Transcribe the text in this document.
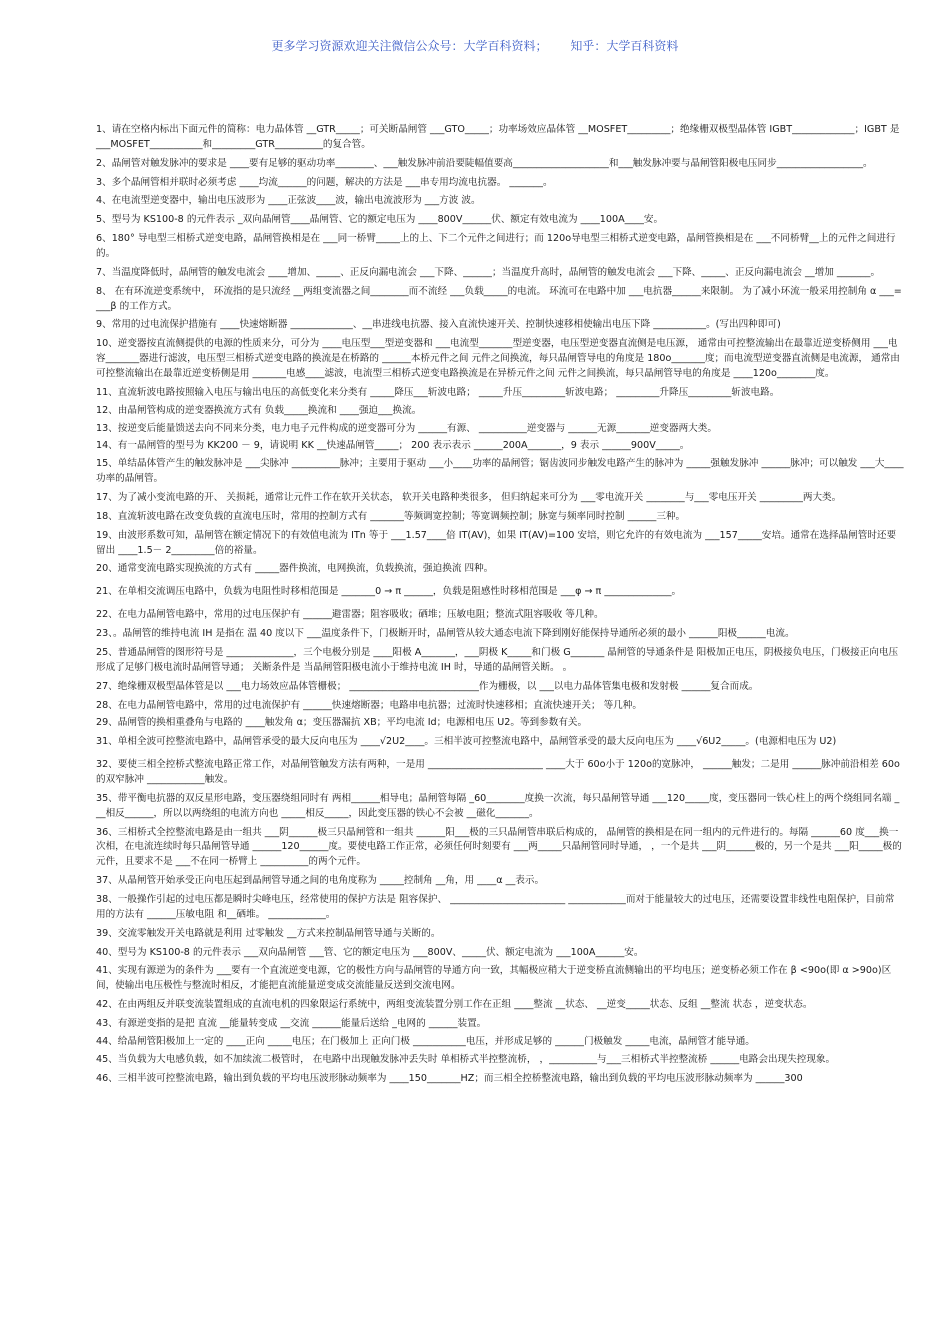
更多学习资源欢迎关注微信公众号：大学百科资料；      知乎：大学百科资料
1、请在空格内标出下面元件的简称：电力晶体管 __GTR_____；可关断晶闸管 ___GTO_____；功率场效应晶体管 __MOSFET_________；绝缘栅双极型晶体管 IGBT_____________；IGBT 是___MOSFET___________和_________GTR__________的复合管。
2、晶闸管对触发脉冲的要求是 ____要有足够的驱动功率________、___触发脉冲前沿要陡幅值要高____________________和___触发脉冲要与晶闸管阳极电压同步__________________。
3、多个晶闸管相并联时必须考虑 ____均流______的问题，解决的方法是 ___串专用均流电抗器。 _______。
4、在电流型逆变器中，输出电压波形为 ____正弦波____波，输出电流波形为 ___方波 波。
5、型号为 KS100-8 的元件表示 _双向晶闸管____晶闸管、它的额定电压为 ____800V______伏、额定有效电流为 ____100A____安。
6、180° 导电型三相桥式逆变电路，晶闸管换相是在 ___同一桥臂_____上的上、下二个元件之间进行；而 120o导电型三相桥式逆变电路，晶闸管换相是在 ___不同桥臂__上的元件之间进行的。
7、当温度降低时，晶闸管的触发电流会 ____增加、_____、正反向漏电流会 ___下降、______；当温度升高时，晶闸管的触发电流会 ___下降、_____、正反向漏电流会 __增加 _______。
8、 在有环流逆变系统中， 环流指的是只流经 __两组变流器之间________而不流经 ___负载_____的电流。 环流可在电路中加 ___电抗器______来限制。 为了减小环流一般采用控制角 α ___=___β 的工作方式。
9、常用的过电流保护措施有 ____快速熔断器 _____________、__串进线电抗器、接入直流快速开关、控制快速移相使输出电压下降 ___________。(写出四种即可)
10、逆变器按直流侧提供的电源的性质来分，可分为 ____电压型___型逆变器和 ___电流型_______型逆变器，电压型逆变器直流侧是电压源， 通常由可控整流输出在最靠近逆变桥侧用 ___电容_______器进行滤波，电压型三相桥式逆变电路的换流是在桥路的 ______本桥元件之间 元件之间换流，每只晶闸管导电的角度是 180o_______度；而电流型逆变器直流侧是电流源， 通常由可控整流输出在最靠近逆变桥侧是用 _______电感____滤波，电流型三相桥式逆变电路换流是在异桥元件之间 元件之间换流，每只晶闸管导电的角度是 ____120o________度。
11、直流斩波电路按照输入电压与输出电压的高低变化来分类有 _____降压___斩波电路； _____升压_________斩波电路； _________升降压_________斩波电路。
12、由晶闸管构成的逆变器换流方式有 负载_____换流和 ____强迫___换流。
13、按逆变后能量馈送去向不同来分类，电力电子元件构成的逆变器可分为 ______有源、 __________逆变器与 ______无源_______逆变器两大类。
14、有一晶闸管的型号为 KK200 － 9，请说明 KK __快速晶闸管_____； 200 表示表示 ______200A_______，9 表示 ______900V_____。
15、单结晶体管产生的触发脉冲是 ___尖脉冲 __________脉冲；主要用于驱动 ___小____功率的晶闸管；锯齿波同步触发电路产生的脉冲为 _____强触发脉冲 ______脉冲；可以触发 ___大____功率的晶闸管。
17、为了减小变流电路的开、 关损耗，通常让元件工作在软开关状态， 软开关电路种类很多， 但归纳起来可分为 ___零电流开关 ________与___零电压开关 _________两大类。
18、直流斩波电路在改变负载的直流电压时，常用的控制方式有 _______等频调宽控制；等宽调频控制；脉宽与频率同时控制 ______三种。
19、由波形系数可知，晶闸管在额定情况下的有效值电流为 ITn 等于 ___1.57____倍 IT(AV)，如果 IT(AV)=100 安培，则它允许的有效电流为 ___157_____安培。通常在选择晶闸管时还要留出 ____1.5－ 2_________倍的裕量。
20、通常变流电路实现换流的方式有 _____器件换流，电网换流，负载换流，强迫换流 四种。
21、在单相交流调压电路中，负载为电阻性时移相范围是 _______0 → π ______，负载是阻感性时移相范围是 ___φ → π ______________。
22、在电力晶闸管电路中，常用的过电压保护有 ______避雷器；阻容吸收；硒堆；压敏电阻；整流式阻容吸收 等几种。
23、。晶闸管的维持电流 IH 是指在 温 40 度以下 ___温度条件下，门极断开时，晶闸管从较大通态电流下降到刚好能保持导通所必须的最小 ______阳极______电流。
25、普通晶闸管的图形符号是 ______________，三个电极分别是 ____阳极 A_______，___阴极 K_____和门极 G_______ 晶闸管的导通条件是 阳极加正电压，阴极接负电压，门极接正向电压形成了足够门极电流时晶闸管导通； 关断条件是 当晶闸管阳极电流小于维持电流 IH 时，导通的晶闸管关断。 。
27、绝缘栅双极型晶体管是以 ___电力场效应晶体管栅极； ___________________________作为栅极，以 ___以电力晶体管集电极和发射极 ______复合而成。
28、在电力晶闸管电路中，常用的过电流保护有 ______快速熔断器；电路串电抗器；过流时快速移相；直流快速开关； 等几种。
29、晶闸管的换相重叠角与电路的 ____触发角 α；变压器漏抗 XB；平均电流 Id；电源相电压 U2。等到参数有关。
31、单相全波可控整流电路中，晶闸管承受的最大反向电压为 ____√2U2____。三相半波可控整流电路中，晶闸管承受的最大反向电压为 ____√6U2_____。(电源相电压为 U2)
32、要使三相全控桥式整流电路正常工作，对晶闸管触发方法有两种，一是用 ________________________ ____大于 60o小于 120o的宽脉冲， ______触发；二是用 ______脉冲前沿相差 60o的双窄脉冲 ____________触发。
35、带平衡电抗器的双反星形电路，变压器绕组同时有 两相______相导电；晶闸管每隔 _60________度换一次流，每只晶闸管导通 ___120_____度，变压器同一铁心柱上的两个绕组同名端 ___相反______，所以以两绕组的电流方向也 _____相反_____，因此变压器的铁心不会被 __磁化_______。
36、三相桥式全控整流电路是由一组共 ___阴______极三只晶闸管和一组共 ______阳___极的三只晶闸管串联后构成的， 晶闸管的换相是在同一组内的元件进行的。每隔 ______60 度___换一次相，在电流连续时每只晶闸管导通 ______120______度。要使电路工作正常，必须任何时刻要有 ___两_____只晶闸管同时导通， ，一个是共 ___阴______极的，另一个是共 ___阳_____极的元件，且要求不是 ___不在同一桥臂上 __________的两个元件。
37、从晶闸管开始承受正向电压起到晶闸管导通之间的电角度称为 _____控制角 __角，用 ____α __表示。
38、一般操作引起的过电压都是瞬时尖峰电压，经常使用的保护方法是 阻容保护、 ________________________ ____________而对于能量较大的过电压，还需要设置非线性电阻保护，目前常用的方法有 ______压敏电阻 和__硒堆。 ____________。
39、交流零触发开关电路就是利用 过零触发 __方式来控制晶闸管导通与关断的。
40、型号为 KS100-8 的元件表示 ___双向晶闸管 ___管、它的额定电压为 ___800V、_____伏、额定电流为 ___100A______安。
41、实现有源逆为的条件为 ___要有一个直流逆变电源，它的极性方向与晶闸管的导通方向一致，其幅极应稍大于逆变桥直流侧输出的平均电压；逆变桥必须工作在 β <90o(即 α >90o)区间，使输出电压极性与整流时相反，才能把直流能量逆变成交流能量反送到交流电网。
42、在由两组反并联变流装置组成的直流电机的四象限运行系统中，两组变流装置分别工作在正组 ____整流 __状态、 __逆变_____状态、反组 __整流 状态 ，逆变状态。
43、有源逆变指的是把 直流 __能量转变成 __交流 ______能量后送给 _电网的 ______装置。
44、给晶闸管阳极加上一定的 ____正向 _____电压；在门极加上 正向门极 ___________电压，并形成足够的 ______门极触发 _____电流，晶闸管才能导通。
45、当负载为大电感负载，如不加续流二极管时， 在电路中出现触发脉冲丢失时 单相桥式半控整流桥， ，__________与___三相桥式半控整流桥 ______电路会出现失控现象。
46、三相半波可控整流电路，输出到负载的平均电压波形脉动频率为 ____150_______HZ；而三相全控桥整流电路，输出到负载的平均电压波形脉动频率为 ______300
